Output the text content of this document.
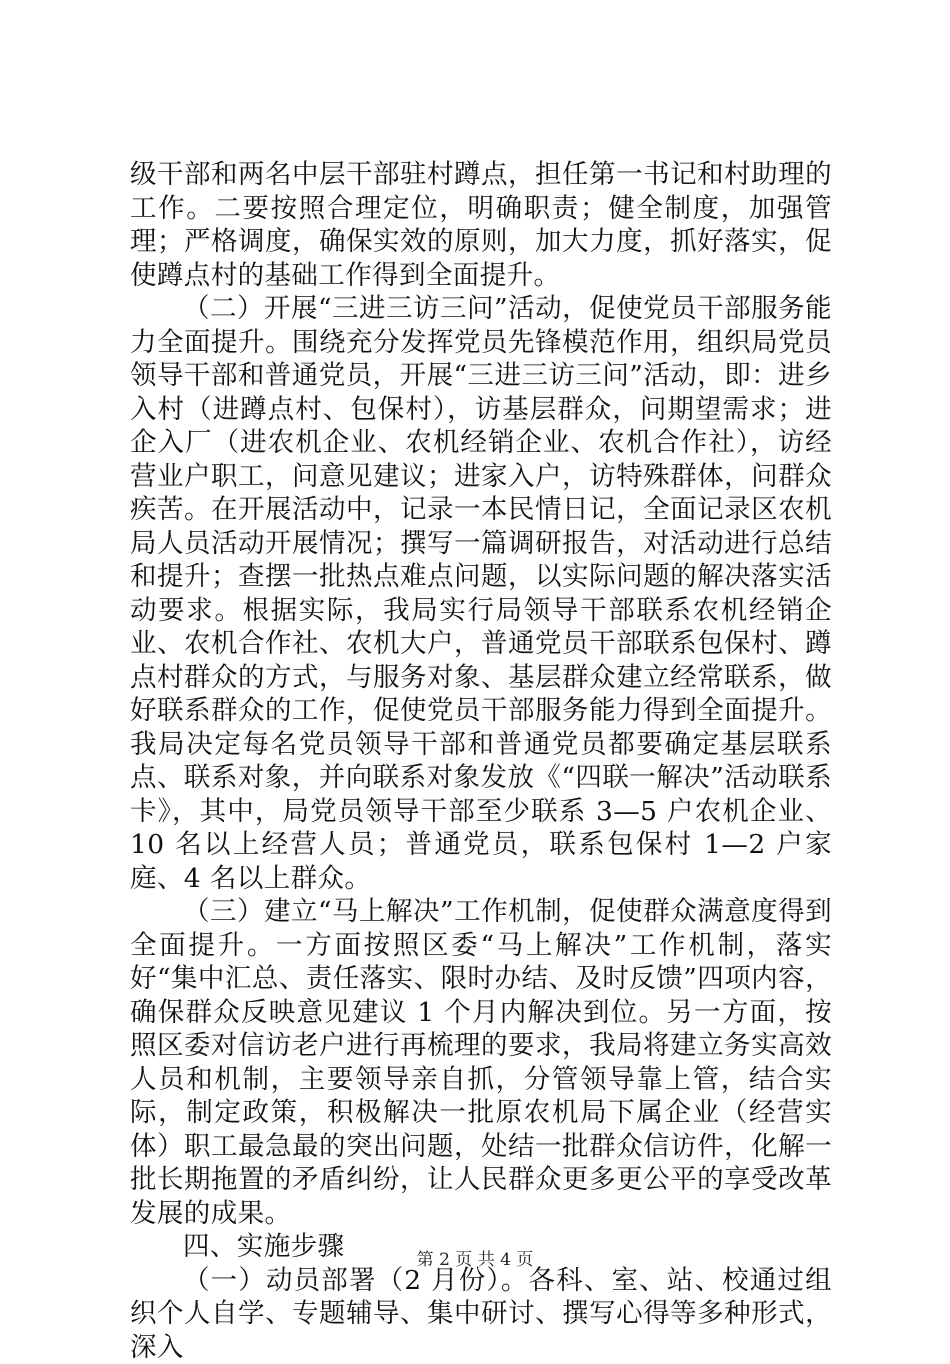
级干部和两名中层干部驻村蹲点，担任第一书记和村助理的工作。二要按照合理定位，明确职责；健全制度，加强管理；严格调度，确保实效的原则，加大力度，抓好落实，促使蹲点村的基础工作得到全面提升。

（二）开展“三进三访三问”活动，促使党员干部服务能力全面提升。围绕充分发挥党员先锋模范作用，组织局党员领导干部和普通党员，开展“三进三访三问”活动，即：进乡入村（进蹲点村、包保村），访基层群众，问期望需求；进企入厂（进农机企业、农机经销企业、农机合作社），访经营业户职工，问意见建议；进家入户，访特殊群体，问群众疾苦。在开展活动中，记录一本民情日记，全面记录区农机局人员活动开展情况；撰写一篇调研报告，对活动进行总结和提升；查摆一批热点难点问题，以实际问题的解决落实活动要求。根据实际，我局实行局领导干部联系农机经销企业、农机合作社、农机大户，普通党员干部联系包保村、蹲点村群众的方式，与服务对象、基层群众建立经常联系，做好联系群众的工作，促使党员干部服务能力得到全面提升。我局决定每名党员领导干部和普通党员都要确定基层联系点、联系对象，并向联系对象发放《“四联一解决”活动联系卡》，其中，局党员领导干部至少联系 3—5 户农机企业、10 名以上经营人员；普通党员，联系包保村 1—2 户家庭、4 名以上群众。

（三）建立“马上解决”工作机制，促使群众满意度得到全面提升。一方面按照区委“马上解决”工作机制，落实好“集中汇总、责任落实、限时办结、及时反馈”四项内容，确保群众反映意见建议 1 个月内解决到位。另一方面，按照区委对信访老户进行再梳理的要求，我局将建立务实高效人员和机制，主要领导亲自抓，分管领导靠上管，结合实际，制定政策，积极解决一批原农机局下属企业（经营实体）职工最急最的突出问题，处结一批群众信访件，化解一批长期拖置的矛盾纠纷，让人民群众更多更公平的享受改革发展的成果。

四、实施步骤

（一）动员部署（2 月份）。各科、室、站、校通过组织个人自学、专题辅导、集中研讨、撰写心得等多种形式，深入

第 2 页 共 4 页
